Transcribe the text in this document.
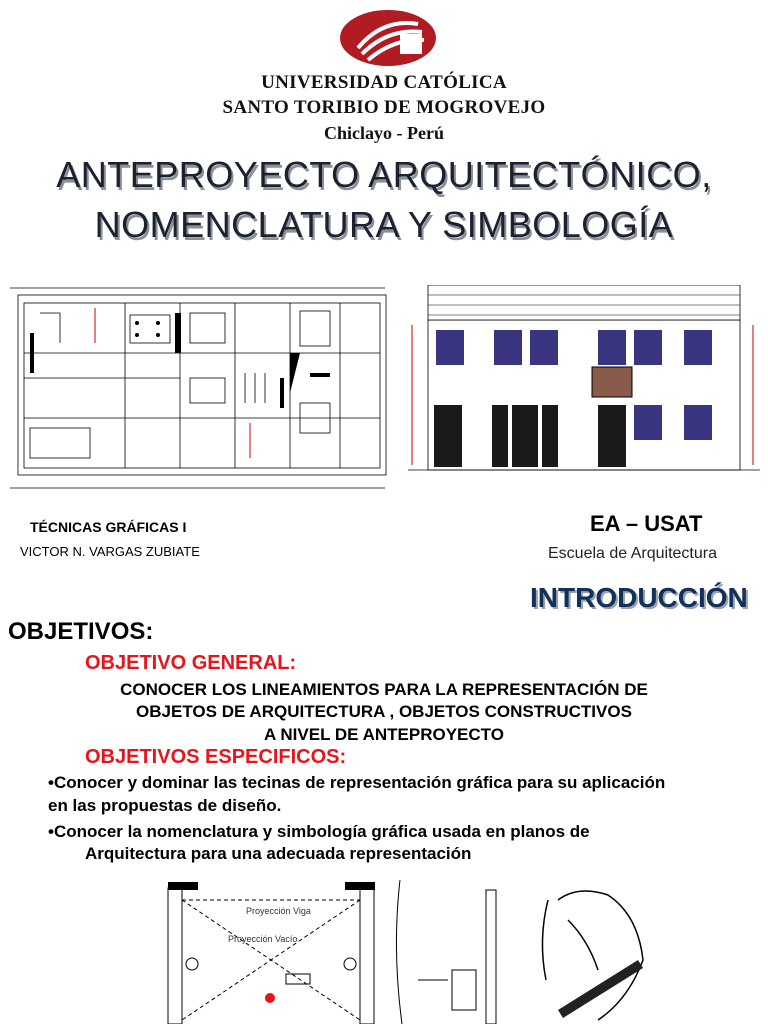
UNIVERSIDAD CATÓLICA
SANTO TORIBIO DE MOGROVEJO
Chiclayo - Perú
ANTEPROYECTO ARQUITECTÓNICO,
NOMENCLATURA Y SIMBOLOGÍA
TÉCNICAS GRÁFICAS I
VICTOR N. VARGAS ZUBIATE
EA – USAT
Escuela de Arquitectura
INTRODUCCIÓN
OBJETIVOS:
OBJETIVO GENERAL:
CONOCER LOS LINEAMIENTOS PARA LA REPRESENTACIÓN DE
OBJETOS DE ARQUITECTURA , OBJETOS CONSTRUCTIVOS
A NIVEL DE ANTEPROYECTO
OBJETIVOS ESPECIFICOS:
•Conocer y dominar las tecinas de representación gráfica para su aplicación
en las propuestas de diseño.
•Conocer la nomenclatura y simbología gráfica usada en planos de
Arquitectura para una adecuada representación
Proyección Viga
Proyección Vacío
